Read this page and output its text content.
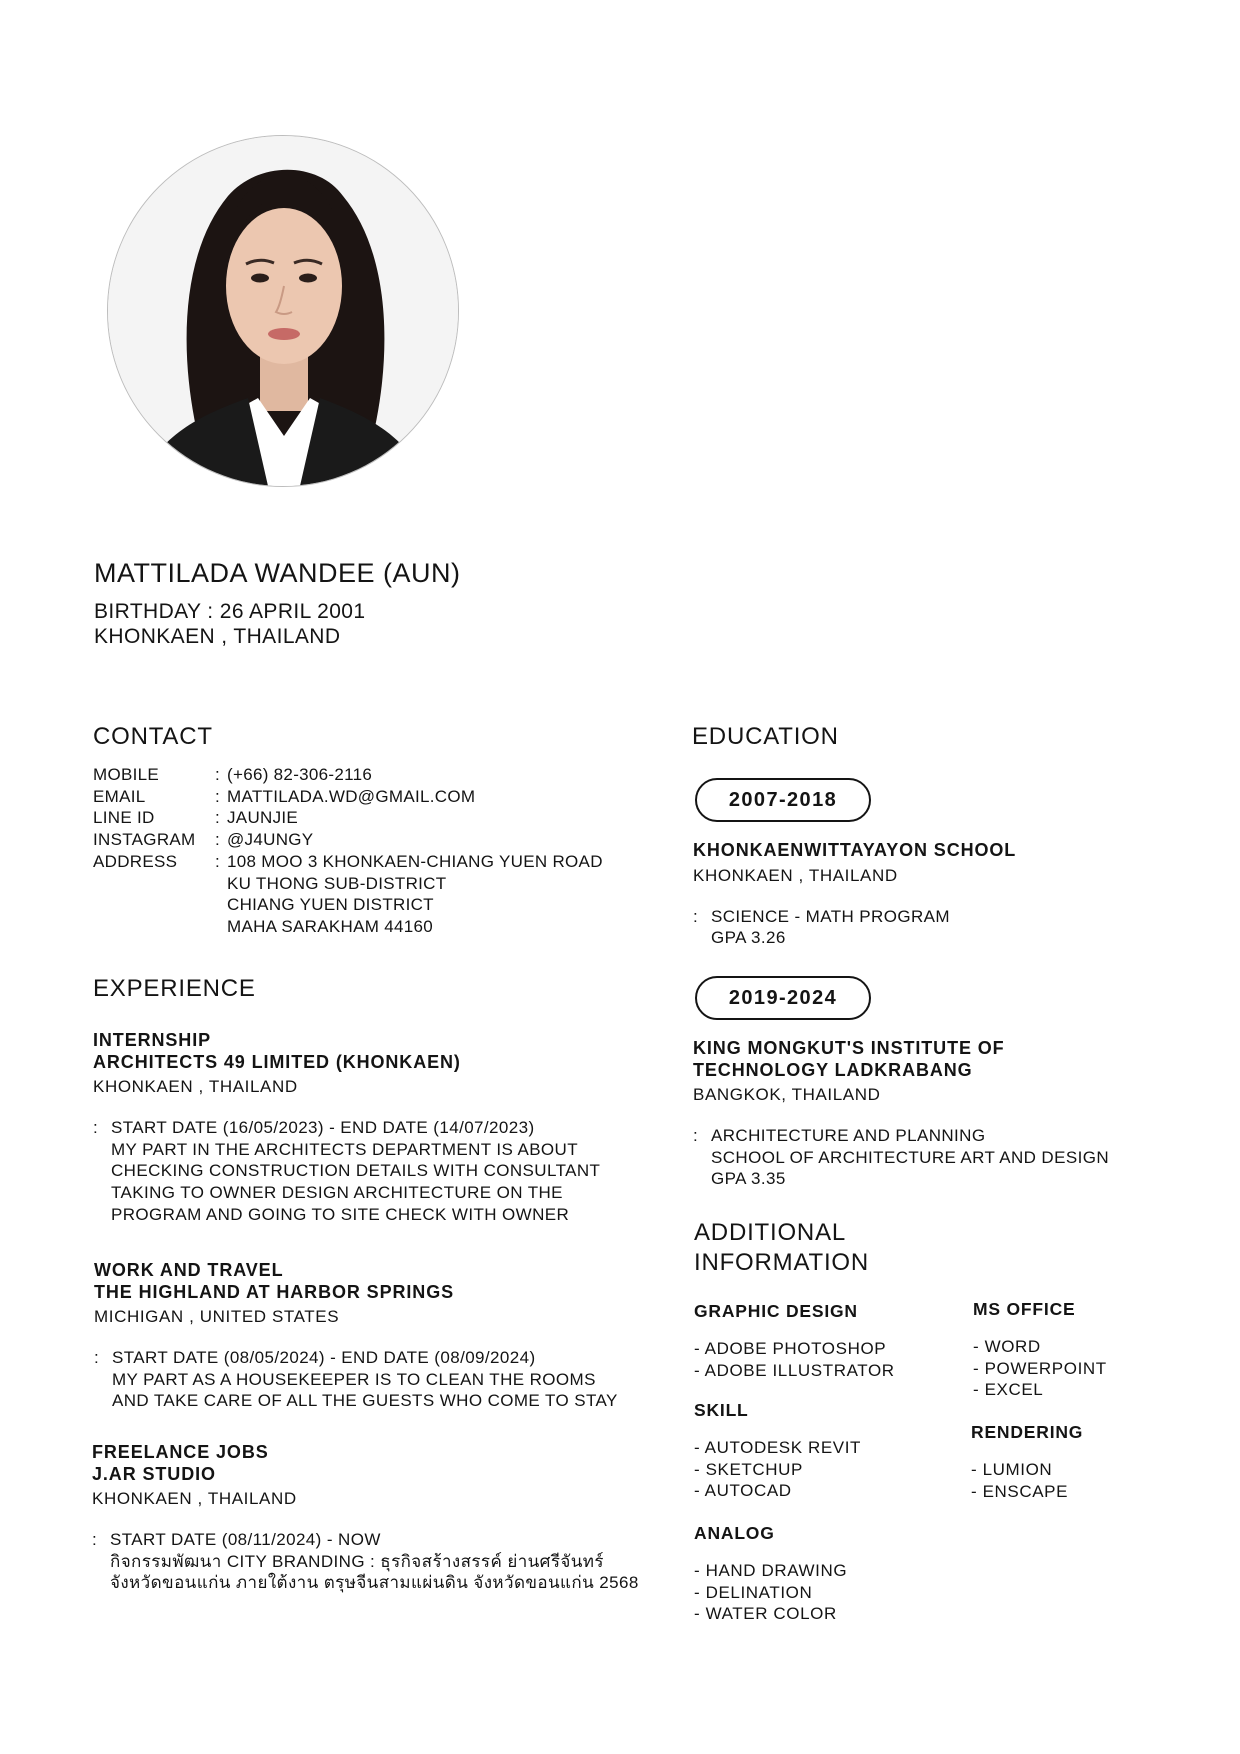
MATTILADA WANDEE (AUN)
BIRTHDAY : 26 APRIL 2001
KHONKAEN , THAILAND
CONTACT
MOBILE	: (+66) 82-306-2116
EMAIL	: MATTILADA.WD@GMAIL.COM
LINE ID	: JAUNJIE
INSTAGRAM	: @J4UNGY
ADDRESS	: 108 MOO 3 KHONKAEN-CHIANG YUEN ROAD
KU THONG SUB-DISTRICT
CHIANG YUEN DISTRICT
MAHA SARAKHAM 44160
EXPERIENCE
INTERNSHIP
ARCHITECTS 49 LIMITED (KHONKAEN)
KHONKAEN , THAILAND
: START DATE (16/05/2023) - END DATE (14/07/2023)
MY PART IN THE ARCHITECTS DEPARTMENT IS ABOUT
CHECKING CONSTRUCTION DETAILS WITH CONSULTANT
TAKING TO OWNER DESIGN ARCHITECTURE ON THE
PROGRAM AND GOING TO SITE CHECK WITH OWNER
WORK AND TRAVEL
THE HIGHLAND AT HARBOR SPRINGS
MICHIGAN , UNITED STATES
: START DATE (08/05/2024) - END DATE (08/09/2024)
MY PART AS A HOUSEKEEPER IS TO CLEAN THE ROOMS
AND TAKE CARE OF ALL THE GUESTS WHO COME TO STAY
FREELANCE JOBS
J.AR STUDIO
KHONKAEN , THAILAND
: START DATE (08/11/2024) - NOW
กิจกรรมพัฒนา CITY BRANDING : ธุรกิจสร้างสรรค์ ย่านศรีจันทร์
จังหวัดขอนแก่น ภายใต้งาน ตรุษจีนสามแผ่นดิน จังหวัดขอนแก่น 2568
EDUCATION
2007-2018
KHONKAENWITTAYAYON SCHOOL
KHONKAEN , THAILAND
: SCIENCE - MATH PROGRAM
GPA 3.26
2019-2024
KING MONGKUT'S INSTITUTE OF
TECHNOLOGY LADKRABANG
BANGKOK, THAILAND
: ARCHITECTURE AND PLANNING
SCHOOL OF ARCHITECTURE ART AND DESIGN
GPA 3.35
ADDITIONAL
INFORMATION
GRAPHIC DESIGN
- ADOBE PHOTOSHOP
- ADOBE ILLUSTRATOR
SKILL
- AUTODESK REVIT
- SKETCHUP
- AUTOCAD
ANALOG
- HAND DRAWING
- DELINATION
- WATER COLOR
MS OFFICE
- WORD
- POWERPOINT
- EXCEL
RENDERING
- LUMION
- ENSCAPE
